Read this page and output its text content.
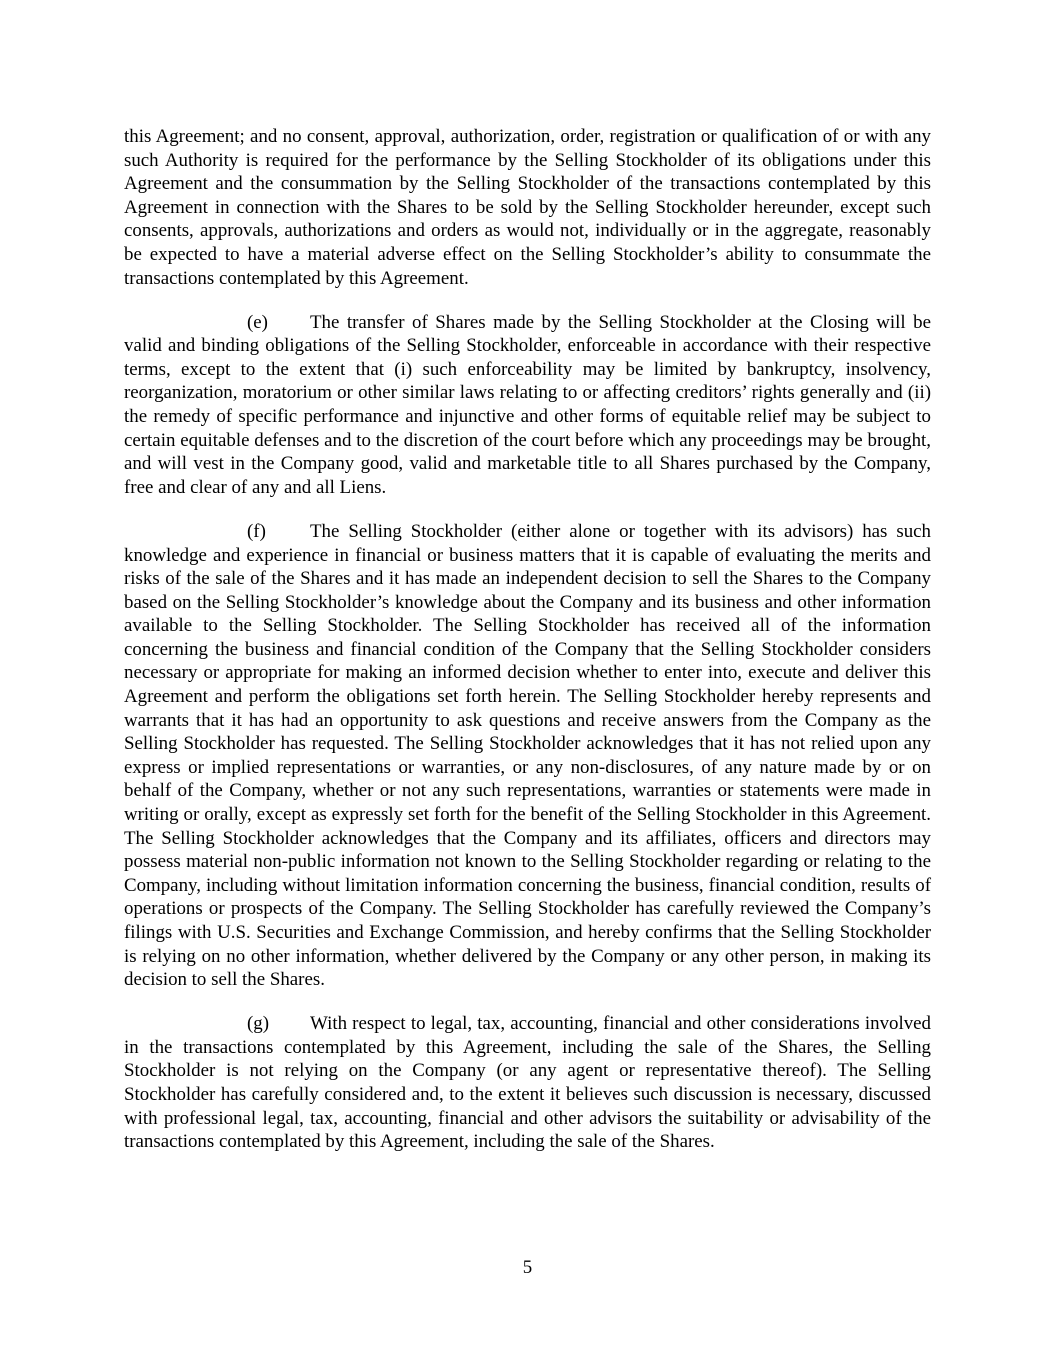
this Agreement; and no consent, approval, authorization, order, registration or qualification of or with any such Authority is required for the performance by the Selling Stockholder of its obligations under this Agreement and the consummation by the Selling Stockholder of the transactions contemplated by this Agreement in connection with the Shares to be sold by the Selling Stockholder hereunder, except such consents, approvals, authorizations and orders as would not, individually or in the aggregate, reasonably be expected to have a material adverse effect on the Selling Stockholder’s ability to consummate the transactions contemplated by this Agreement.

(e) The transfer of Shares made by the Selling Stockholder at the Closing will be valid and binding obligations of the Selling Stockholder, enforceable in accordance with their respective terms, except to the extent that (i) such enforceability may be limited by bankruptcy, insolvency, reorganization, moratorium or other similar laws relating to or affecting creditors’ rights generally and (ii) the remedy of specific performance and injunctive and other forms of equitable relief may be subject to certain equitable defenses and to the discretion of the court before which any proceedings may be brought, and will vest in the Company good, valid and marketable title to all Shares purchased by the Company, free and clear of any and all Liens.

(f) The Selling Stockholder (either alone or together with its advisors) has such knowledge and experience in financial or business matters that it is capable of evaluating the merits and risks of the sale of the Shares and it has made an independent decision to sell the Shares to the Company based on the Selling Stockholder’s knowledge about the Company and its business and other information available to the Selling Stockholder. The Selling Stockholder has received all of the information concerning the business and financial condition of the Company that the Selling Stockholder considers necessary or appropriate for making an informed decision whether to enter into, execute and deliver this Agreement and perform the obligations set forth herein. The Selling Stockholder hereby represents and warrants that it has had an opportunity to ask questions and receive answers from the Company as the Selling Stockholder has requested. The Selling Stockholder acknowledges that it has not relied upon any express or implied representations or warranties, or any non-disclosures, of any nature made by or on behalf of the Company, whether or not any such representations, warranties or statements were made in writing or orally, except as expressly set forth for the benefit of the Selling Stockholder in this Agreement. The Selling Stockholder acknowledges that the Company and its affiliates, officers and directors may possess material non-public information not known to the Selling Stockholder regarding or relating to the Company, including without limitation information concerning the business, financial condition, results of operations or prospects of the Company. The Selling Stockholder has carefully reviewed the Company’s filings with U.S. Securities and Exchange Commission, and hereby confirms that the Selling Stockholder is relying on no other information, whether delivered by the Company or any other person, in making its decision to sell the Shares.

(g) With respect to legal, tax, accounting, financial and other considerations involved in the transactions contemplated by this Agreement, including the sale of the Shares, the Selling Stockholder is not relying on the Company (or any agent or representative thereof). The Selling Stockholder has carefully considered and, to the extent it believes such discussion is necessary, discussed with professional legal, tax, accounting, financial and other advisors the suitability or advisability of the transactions contemplated by this Agreement, including the sale of the Shares.

5
